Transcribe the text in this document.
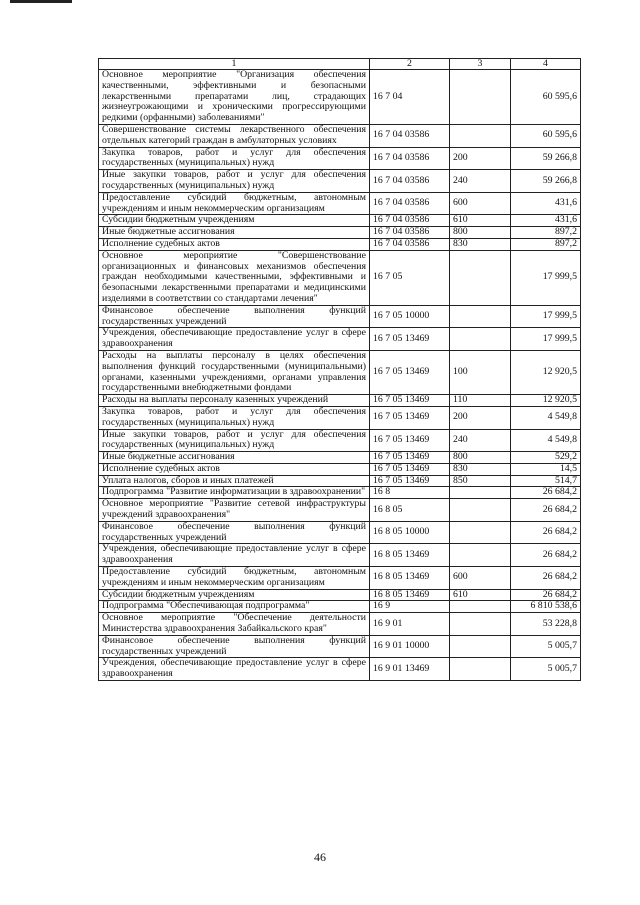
1	2	3	4
Основное мероприятие "Организация обеспечения качественными, эффективными и безопасными лекарственными препаратами лиц, страдающих жизнеугрожающими и хроническими прогрессирующими редкими (орфанными) заболеваниями"	16 7 04		60 595,6
Совершенствование системы лекарственного обеспечения отдельных категорий граждан в амбулаторных условиях	16 7 04 03586		60 595,6
Закупка товаров, работ и услуг для обеспечения государственных (муниципальных) нужд	16 7 04 03586	200	59 266,8
Иные закупки товаров, работ и услуг для обеспечения государственных (муниципальных) нужд	16 7 04 03586	240	59 266,8
Предоставление субсидий бюджетным, автономным учреждениям и иным некоммерческим организациям	16 7 04 03586	600	431,6
Субсидии бюджетным учреждениям	16 7 04 03586	610	431,6
Иные бюджетные ассигнования	16 7 04 03586	800	897,2
Исполнение судебных актов	16 7 04 03586	830	897,2
Основное мероприятие "Совершенствование организационных и финансовых механизмов обеспечения граждан необходимыми качественными, эффективными и безопасными лекарственными препаратами и медицинскими изделиями в соответствии со стандартами лечения"	16 7 05		17 999,5
Финансовое обеспечение выполнения функций государственных учреждений	16 7 05 10000		17 999,5
Учреждения, обеспечивающие предоставление услуг в сфере здравоохранения	16 7 05 13469		17 999,5
Расходы на выплаты персоналу в целях обеспечения выполнения функций государственными (муниципальными) органами, казенными учреждениями, органами управления государственными внебюджетными фондами	16 7 05 13469	100	12 920,5
Расходы на выплаты персоналу казенных учреждений	16 7 05 13469	110	12 920,5
Закупка товаров, работ и услуг для обеспечения государственных (муниципальных) нужд	16 7 05 13469	200	4 549,8
Иные закупки товаров, работ и услуг для обеспечения государственных (муниципальных) нужд	16 7 05 13469	240	4 549,8
Иные бюджетные ассигнования	16 7 05 13469	800	529,2
Исполнение судебных актов	16 7 05 13469	830	14,5
Уплата налогов, сборов и иных платежей	16 7 05 13469	850	514,7
Подпрограмма "Развитие информатизации в здравоохранении"	16 8		26 684,2
Основное мероприятие "Развитие сетевой инфраструктуры учреждений здравоохранения"	16 8 05		26 684,2
Финансовое обеспечение выполнения функций государственных учреждений	16 8 05 10000		26 684,2
Учреждения, обеспечивающие предоставление услуг в сфере здравоохранения	16 8 05 13469		26 684,2
Предоставление субсидий бюджетным, автономным учреждениям и иным некоммерческим организациям	16 8 05 13469	600	26 684,2
Субсидии бюджетным учреждениям	16 8 05 13469	610	26 684,2
Подпрограмма "Обеспечивающая подпрограмма"	16 9		6 810 538,6
Основное мероприятие "Обеспечение деятельности Министерства здравоохранения Забайкальского края"	16 9 01		53 228,8
Финансовое обеспечение выполнения функций государственных учреждений	16 9 01 10000		5 005,7
Учреждения, обеспечивающие предоставление услуг в сфере здравоохранения	16 9 01 13469		5 005,7
46
